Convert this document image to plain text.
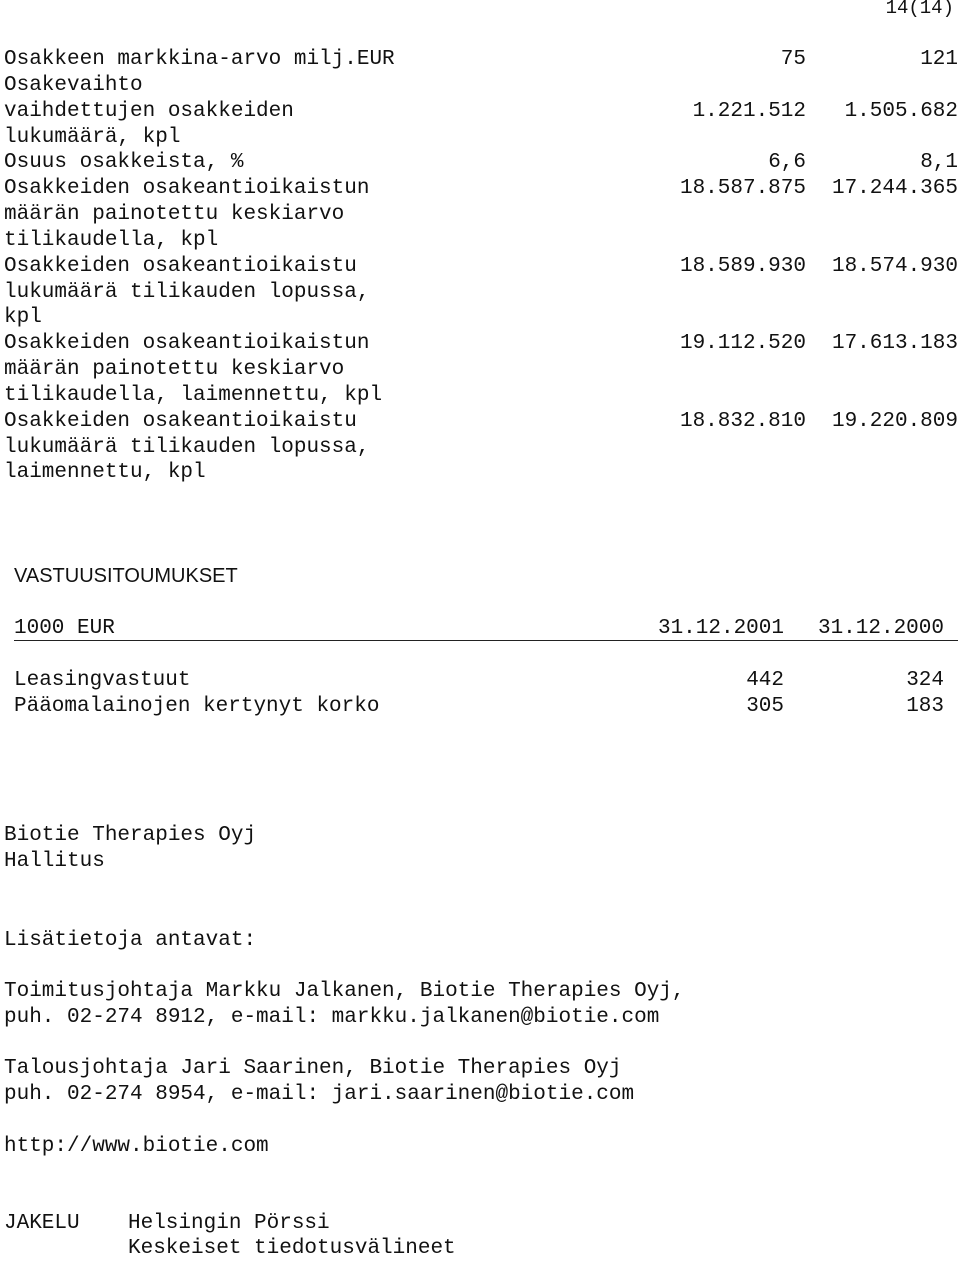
14(14)
Osakkeen markkina-arvo milj.EUR	75	121
Osakevaihto
vaihdettujen osakkeiden	1.221.512 1.505.682
lukumäärä, kpl
Osuus osakkeista, %	6,6	8,1
Osakkeiden osakeantioikaistun	18.587.875 17.244.365
määrän painotettu keskiarvo
tilikaudella, kpl
Osakkeiden osakeantioikaistu	18.589.930 18.574.930
lukumäärä tilikauden lopussa,
kpl
Osakkeiden osakeantioikaistun	19.112.520 17.613.183
määrän painotettu keskiarvo
tilikaudella, laimennettu, kpl
Osakkeiden osakeantioikaistu	18.832.810 19.220.809
lukumäärä tilikauden lopussa,
laimennettu, kpl
VASTUUSITOUMUKSET
1000 EUR	31.12.2001 31.12.2000
Leasingvastuut	442	324
Pääomalainojen kertynyt korko	305	183
Biotie Therapies Oyj
Hallitus
Lisätietoja antavat:
Toimitusjohtaja Markku Jalkanen, Biotie Therapies Oyj,
puh. 02-274 8912, e-mail: markku.jalkanen@biotie.com
Talousjohtaja Jari Saarinen, Biotie Therapies Oyj
puh. 02-274 8954, e-mail: jari.saarinen@biotie.com
http://www.biotie.com
JAKELU Helsingin Pörssi
Keskeiset tiedotusvälineet
